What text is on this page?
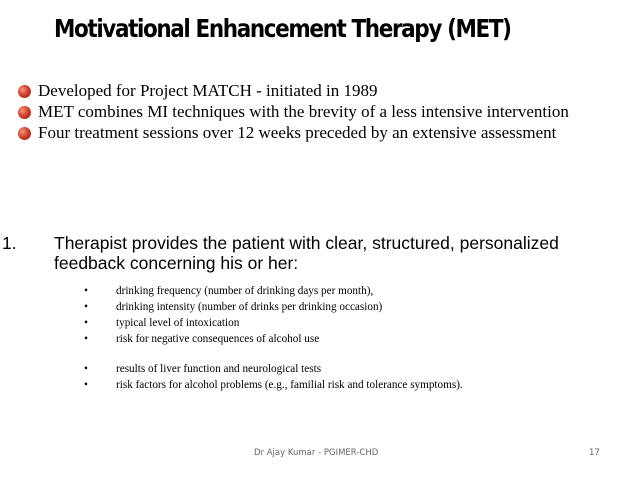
Motivational Enhancement Therapy (MET)
Developed for Project MATCH - initiated in 1989
MET combines MI techniques with the brevity of a less intensive intervention
Four treatment sessions over 12 weeks preceded by an extensive assessment
1.	Therapist provides the patient with clear, structured, personalized feedback concerning his or her:
•	drinking frequency (number of drinking days per month),
•	drinking intensity (number of drinks per drinking occasion)
•	typical level of intoxication
•	risk for negative consequences of alcohol use
•	results of liver function and neurological tests
•	risk factors for alcohol problems (e.g., familial risk and tolerance symptoms).
Dr Ajay Kumar - PGIMER-CHD	17
